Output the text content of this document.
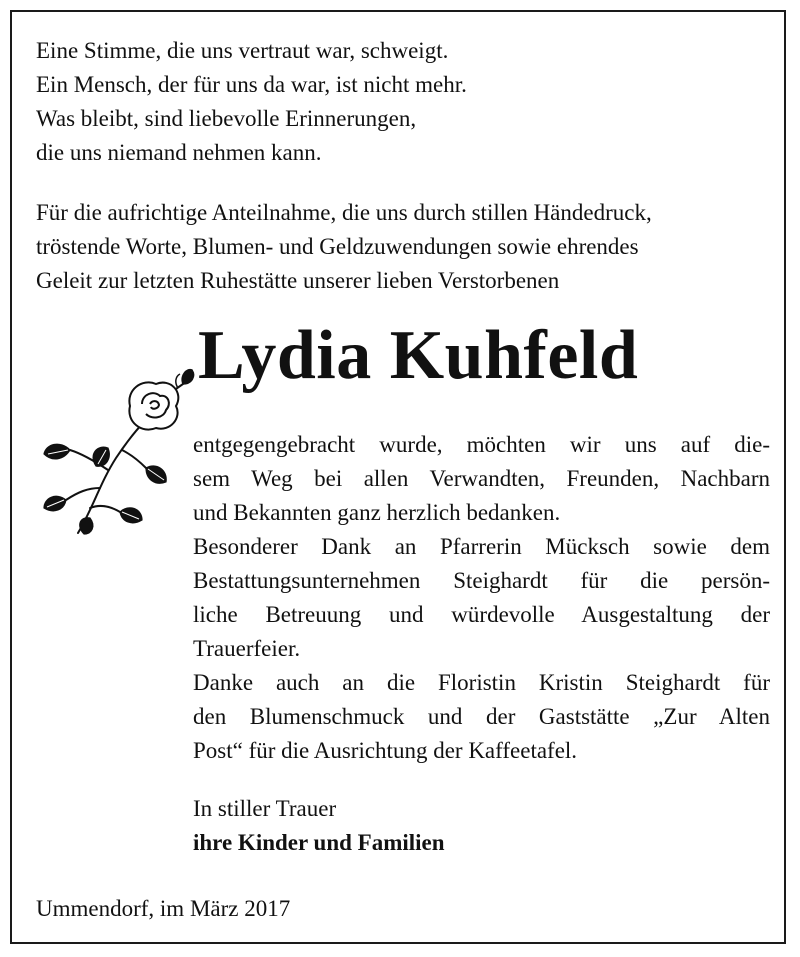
Eine Stimme, die uns vertraut war, schweigt.
Ein Mensch, der für uns da war, ist nicht mehr.
Was bleibt, sind liebevolle Erinnerungen,
die uns niemand nehmen kann.
Für die aufrichtige Anteilnahme, die uns durch stillen Händedruck,
tröstende Worte, Blumen- und Geldzuwendungen sowie ehrendes
Geleit zur letzten Ruhestätte unserer lieben Verstorbenen
Lydia Kuhfeld
entgegengebracht wurde, möchten wir uns auf die-
sem Weg bei allen Verwandten, Freunden, Nachbarn
und Bekannten ganz herzlich bedanken.
Besonderer Dank an Pfarrerin Mücksch sowie dem
Bestattungsunternehmen Steighardt für die persön-
liche Betreuung und würdevolle Ausgestaltung der
Trauerfeier.
Danke auch an die Floristin Kristin Steighardt für
den Blumenschmuck und der Gaststätte „Zur Alten
Post“ für die Ausrichtung der Kaffeetafel.
In stiller Trauer
ihre Kinder und Familien
Ummendorf, im März 2017
